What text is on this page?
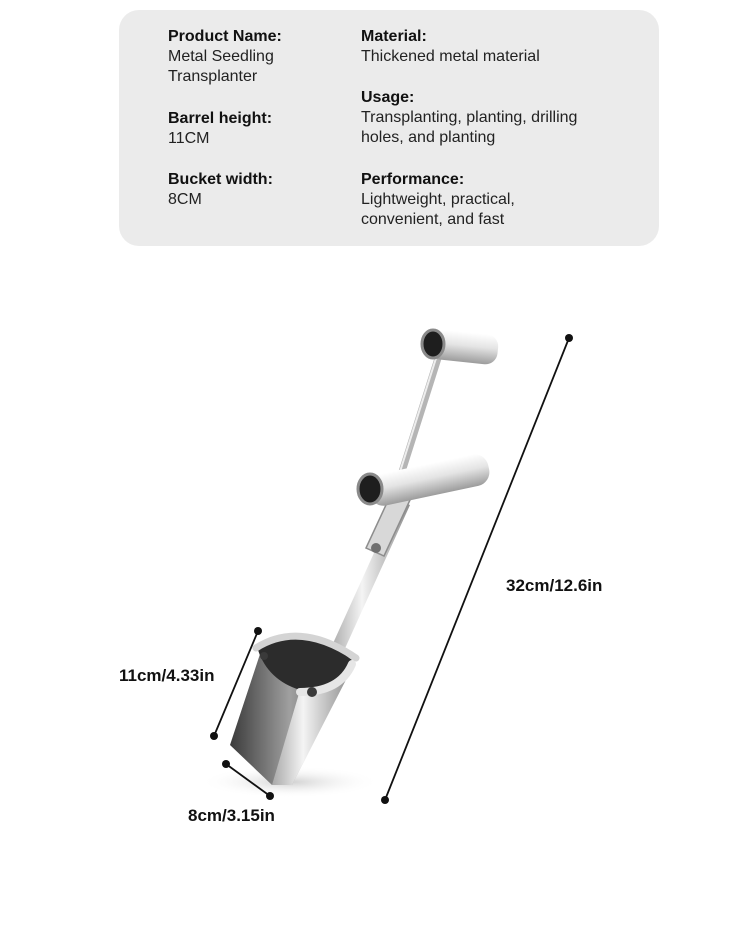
Product Name:
Metal Seedling
Transplanter
Barrel height:
11CM
Bucket width:
8CM
Material:
Thickened metal material
Usage:
Transplanting, planting, drilling
holes, and planting
Performance:
Lightweight, practical,
convenient, and fast
32cm/12.6in
11cm/4.33in
8cm/3.15in
